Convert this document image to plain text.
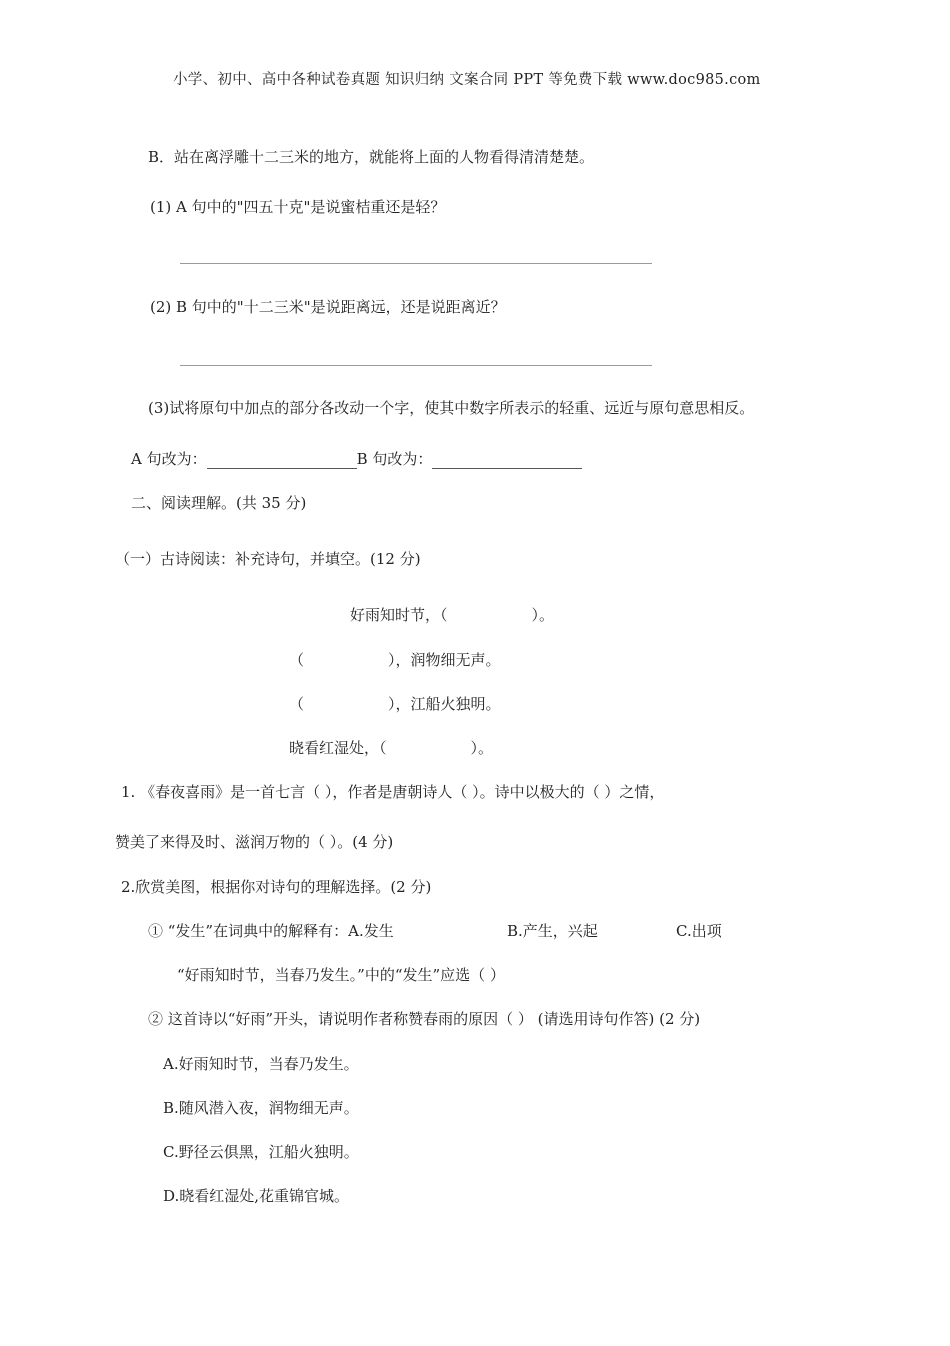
小学、初中、高中各种试卷真题 知识归纳 文案合同 PPT 等免费下载 www.doc985.com
B．站在离浮雕十二三米的地方，就能将上面的人物看得清清楚楚。
(1) A 句中的"四五十克"是说蜜桔重还是轻？
(2) B 句中的"十二三米"是说距离远，还是说距离近？
(3)试将原句中加点的部分各改动一个字，使其中数字所表示的轻重、远近与原句意思相反。
A 句改为：	B 句改为：
二、阅读理解。(共 35 分)
（一）古诗阅读：补充诗句，并填空。(12 分)
好雨知时节，（	）。
（	），润物细无声。
（	），江船火独明。
晓看红湿处，（	）。
1. 《春夜喜雨》是一首七言（ ），作者是唐朝诗人（ ）。诗中以极大的（ ）之情，
赞美了来得及时、滋润万物的（ ）。(4 分)
2.欣赏美图，根据你对诗句的理解选择。(2 分)
① “发生”在词典中的解释有：A.发生	B.产生，兴起	C.出项
“好雨知时节，当春乃发生。”中的“发生”应选（ ）
② 这首诗以“好雨”开头，请说明作者称赞春雨的原因（ ） (请选用诗句作答) (2 分)
A.好雨知时节，当春乃发生。
B.随风潜入夜，润物细无声。
C.野径云俱黑，江船火独明。
D.晓看红湿处,花重锦官城。
